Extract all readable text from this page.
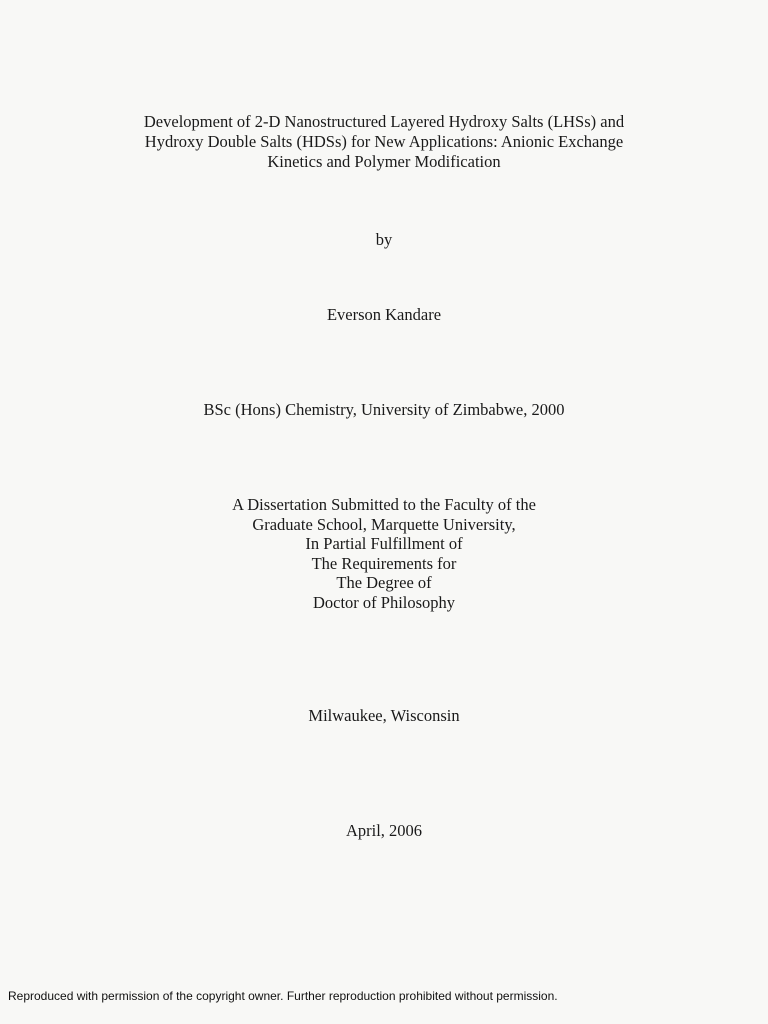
Development of 2-D Nanostructured Layered Hydroxy Salts (LHSs) and
Hydroxy Double Salts (HDSs) for New Applications: Anionic Exchange
Kinetics and Polymer Modification
by
Everson Kandare
BSc (Hons) Chemistry, University of Zimbabwe, 2000
A Dissertation Submitted to the Faculty of the
Graduate School, Marquette University,
In Partial Fulfillment of
The Requirements for
The Degree of
Doctor of Philosophy
Milwaukee, Wisconsin
April, 2006
Reproduced with permission of the copyright owner. Further reproduction prohibited without permission.
